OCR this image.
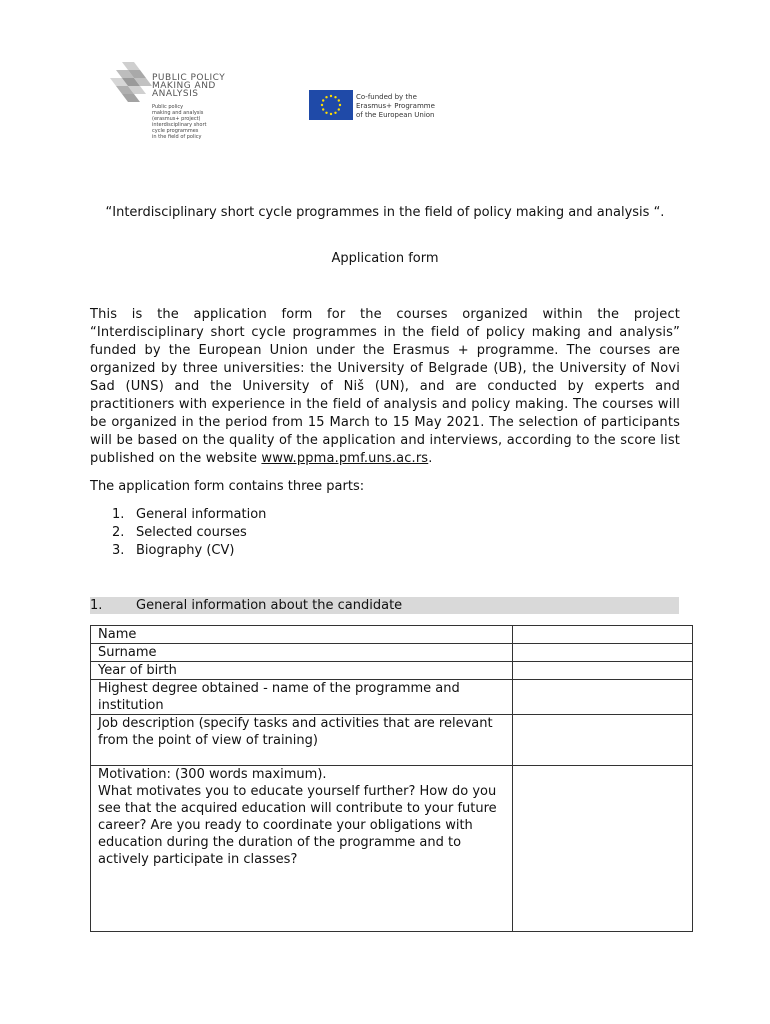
PUBLIC POLICY
MAKING AND
ANALYSIS
Public policy
making and analysis
(erasmus+ project)
interdisciplinary short
cycle programmes
in the field of policy
Co-funded by the
Erasmus+ Programme
of the European Union
“Interdisciplinary short cycle programmes in the field of policy making and analysis “.
Application form
This is the application form for the courses organized within the project “Interdisciplinary short cycle programmes in the field of policy making and analysis” funded by the European Union under the Erasmus + programme. The courses are organized by three universities: the University of Belgrade (UB), the University of Novi Sad (UNS) and the University of Niš (UN), and are conducted by experts and practitioners with experience in the field of analysis and policy making. The courses will be organized in the period from 15 March to 15 May 2021. The selection of participants will be based on the quality of the application and interviews, according to the score list published on the website www.ppma.pmf.uns.ac.rs.
The application form contains three parts:
1. General information
2. Selected courses
3. Biography (CV)
1.	General information about the candidate
Name	
Surname	
Year of birth	
Highest degree obtained - name of the programme and institution	
Job description (specify tasks and activities that are relevant from the point of view of training)	
Motivation: (300 words maximum).
What motivates you to educate yourself further? How do you see that the acquired education will contribute to your future career? Are you ready to coordinate your obligations with education during the duration of the programme and to actively participate in classes?	
